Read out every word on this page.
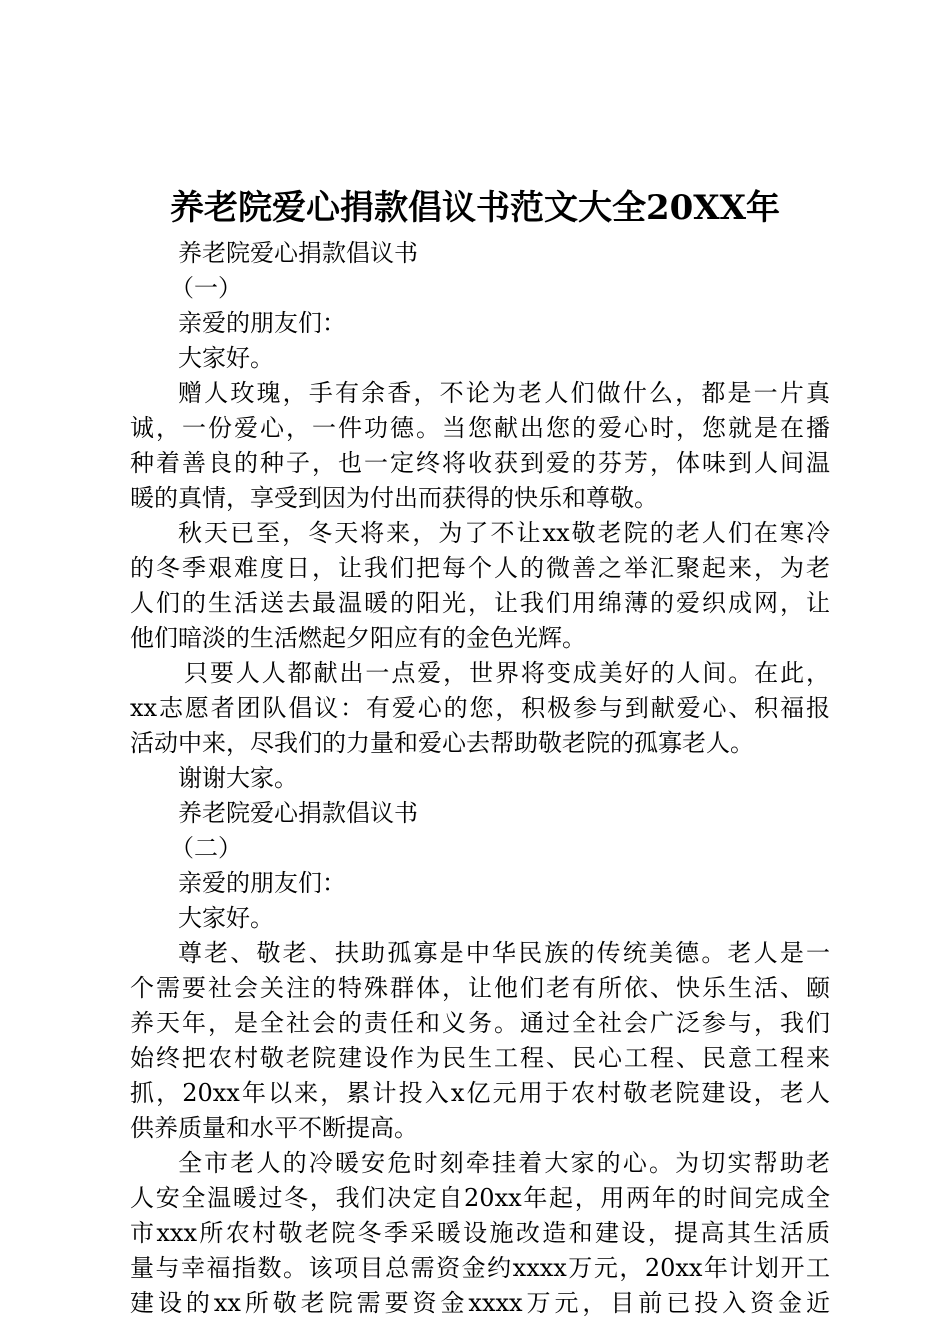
养老院爱心捐款倡议书范文大全20XX年
养老院爱心捐款倡议书
（一）
亲爱的朋友们：
大家好。
赠人玫瑰，手有余香，不论为老人们做什么，都是一片真
诚，一份爱心，一件功德。当您献出您的爱心时，您就是在播
种着善良的种子，也一定终将收获到爱的芬芳，体味到人间温
暖的真情，享受到因为付出而获得的快乐和尊敬。
秋天已至，冬天将来，为了不让xx敬老院的老人们在寒冷
的冬季艰难度日，让我们把每个人的微善之举汇聚起来，为老
人们的生活送去最温暖的阳光，让我们用绵薄的爱织成网，让
他们暗淡的生活燃起夕阳应有的金色光辉。
只要人人都献出一点爱，世界将变成美好的人间。在此，
xx志愿者团队倡议：有爱心的您，积极参与到献爱心、积福报
活动中来，尽我们的力量和爱心去帮助敬老院的孤寡老人。
谢谢大家。
养老院爱心捐款倡议书
（二）
亲爱的朋友们：
大家好。
尊老、敬老、扶助孤寡是中华民族的传统美德。老人是一
个需要社会关注的特殊群体，让他们老有所依、快乐生活、颐
养天年，是全社会的责任和义务。通过全社会广泛参与，我们
始终把农村敬老院建设作为民生工程、民心工程、民意工程来
抓，20xx年以来，累计投入x亿元用于农村敬老院建设，老人
供养质量和水平不断提高。
全市老人的冷暖安危时刻牵挂着大家的心。为切实帮助老
人安全温暖过冬，我们决定自20xx年起，用两年的时间完成全
市xxx所农村敬老院冬季采暖设施改造和建设，提高其生活质
量与幸福指数。该项目总需资金约xxxx万元，20xx年计划开工
建设的xx所敬老院需要资金xxxx万元，目前已投入资金近
